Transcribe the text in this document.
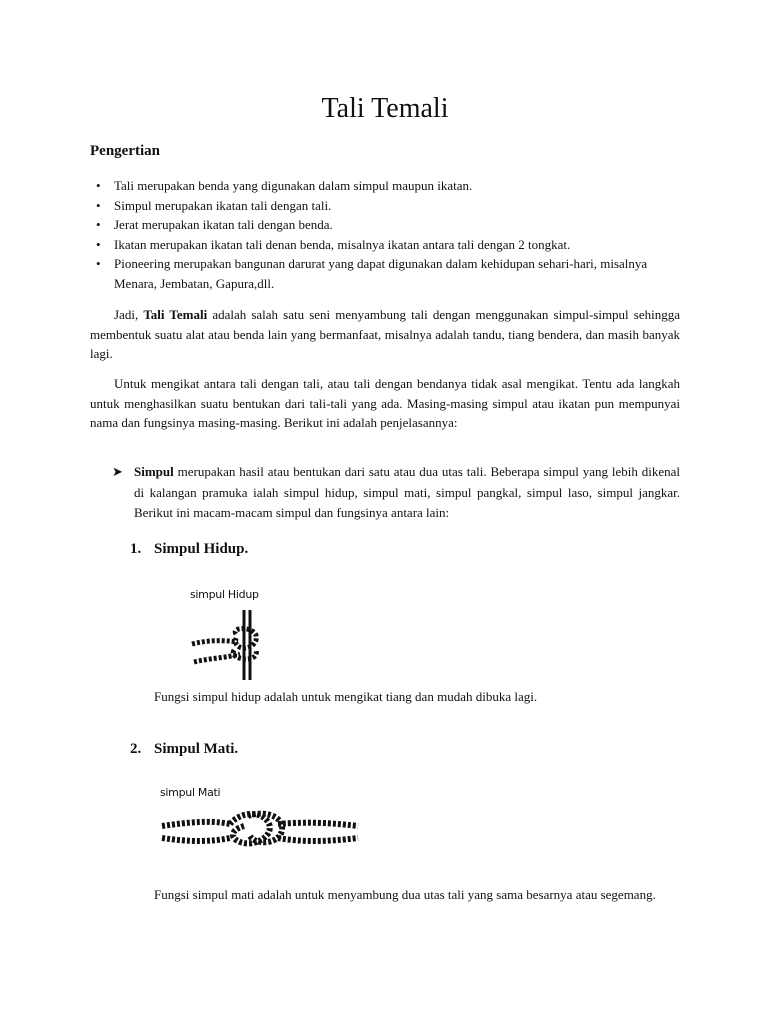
Tali Temali
Pengertian
• Tali merupakan benda yang digunakan dalam simpul maupun ikatan.
• Simpul merupakan ikatan tali dengan tali.
• Jerat merupakan ikatan tali dengan benda.
• Ikatan merupakan ikatan tali denan benda, misalnya ikatan antara tali dengan 2 tongkat.
• Pioneering merupakan bangunan darurat yang dapat digunakan dalam kehidupan sehari-hari, misalnya Menara, Jembatan, Gapura,dll.

Jadi, Tali Temali adalah salah satu seni menyambung tali dengan menggunakan simpul-simpul sehingga membentuk suatu alat atau benda lain yang bermanfaat, misalnya adalah tandu, tiang bendera, dan masih banyak lagi.

Untuk mengikat antara tali dengan tali, atau tali dengan bendanya tidak asal mengikat. Tentu ada langkah untuk menghasilkan suatu bentukan dari tali-tali yang ada. Masing-masing simpul atau ikatan pun mempunyai nama dan fungsinya masing-masing. Berikut ini adalah penjelasannya:

➤ Simpul merupakan hasil atau bentukan dari satu atau dua utas tali. Beberapa simpul yang lebih dikenal di kalangan pramuka ialah simpul hidup, simpul mati, simpul pangkal, simpul laso, simpul jangkar. Berikut ini macam-macam simpul dan fungsinya antara lain:
1. Simpul Hidup.
simpul Hidup

Fungsi simpul hidup adalah untuk mengikat tiang dan mudah dibuka lagi.

2. Simpul Mati.
simpul Mati

Fungsi simpul mati adalah untuk menyambung dua utas tali yang sama besarnya atau segemang.
